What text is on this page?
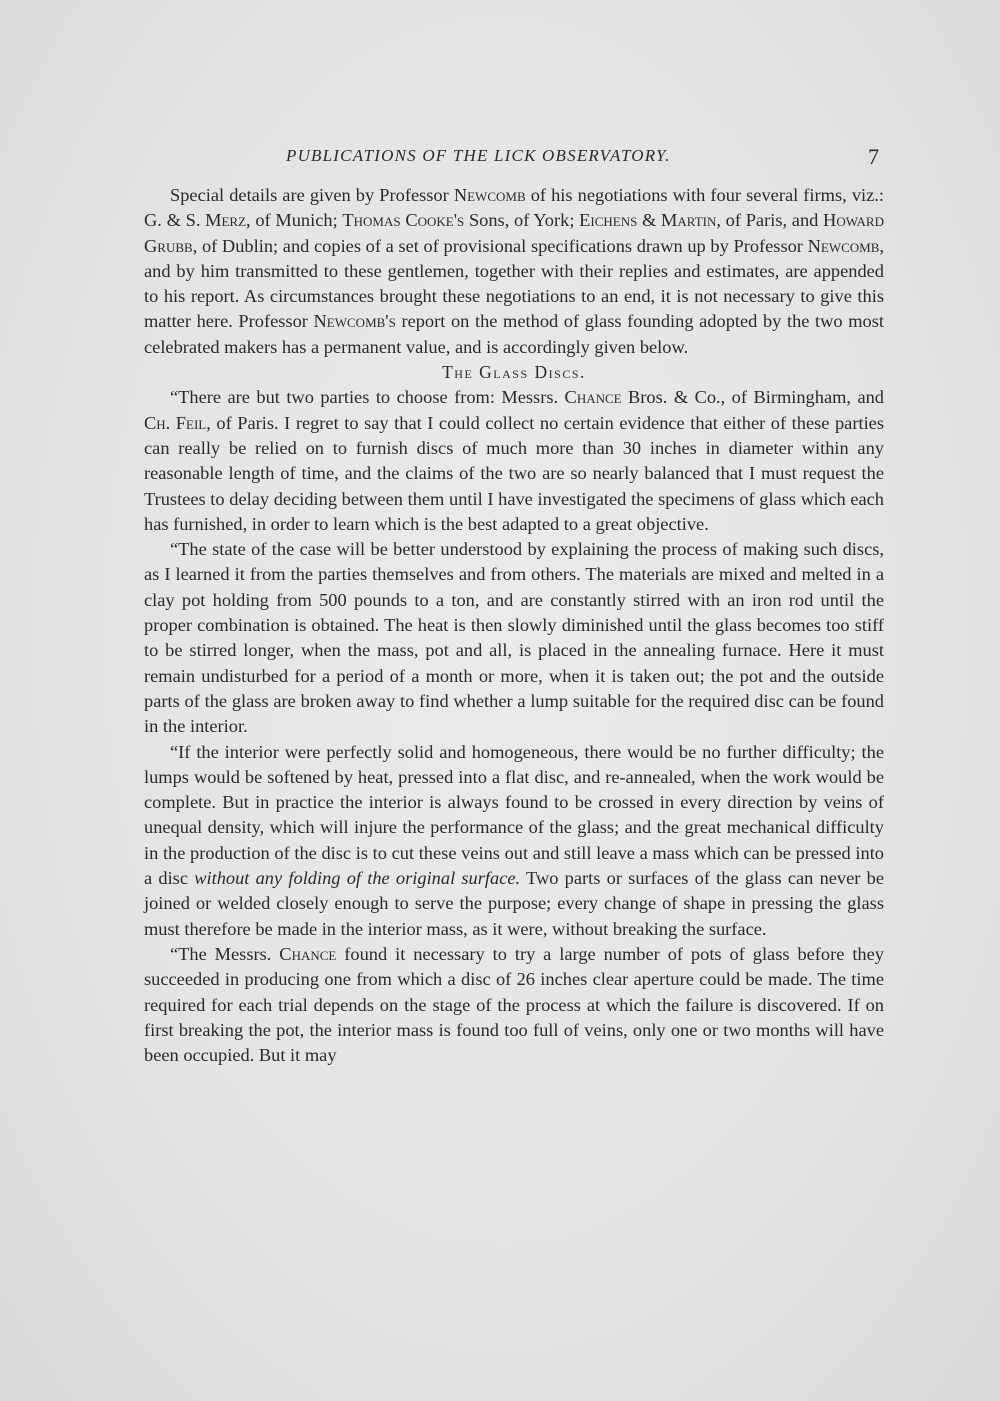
PUBLICATIONS OF THE LICK OBSERVATORY.	7

Special details are given by Professor Newcomb of his negotiations with four several firms, viz.: G. & S. Merz, of Munich; Thomas Cooke's Sons, of York; Eichens & Martin, of Paris, and Howard Grubb, of Dublin; and copies of a set of provisional specifications drawn up by Professor Newcomb, and by him transmitted to these gentlemen, together with their replies and estimates, are appended to his report. As circumstances brought these negotiations to an end, it is not necessary to give this matter here. Professor Newcomb's report on the method of glass founding adopted by the two most celebrated makers has a permanent value, and is accordingly given below.

The Glass Discs.

“There are but two parties to choose from: Messrs. Chance Bros. & Co., of Birmingham, and Ch. Feil, of Paris. I regret to say that I could collect no certain evidence that either of these parties can really be relied on to furnish discs of much more than 30 inches in diameter within any reasonable length of time, and the claims of the two are so nearly balanced that I must request the Trustees to delay deciding between them until I have investigated the specimens of glass which each has furnished, in order to learn which is the best adapted to a great objective.

“The state of the case will be better understood by explaining the process of making such discs, as I learned it from the parties themselves and from others. The materials are mixed and melted in a clay pot holding from 500 pounds to a ton, and are constantly stirred with an iron rod until the proper combination is obtained. The heat is then slowly diminished until the glass becomes too stiff to be stirred longer, when the mass, pot and all, is placed in the annealing furnace. Here it must remain undisturbed for a period of a month or more, when it is taken out; the pot and the outside parts of the glass are broken away to find whether a lump suitable for the required disc can be found in the interior.

“If the interior were perfectly solid and homogeneous, there would be no further difficulty; the lumps would be softened by heat, pressed into a flat disc, and re-annealed, when the work would be complete. But in practice the interior is always found to be crossed in every direction by veins of unequal density, which will injure the performance of the glass; and the great mechanical difficulty in the production of the disc is to cut these veins out and still leave a mass which can be pressed into a disc without any folding of the original surface. Two parts or surfaces of the glass can never be joined or welded closely enough to serve the purpose; every change of shape in pressing the glass must therefore be made in the interior mass, as it were, without breaking the surface.

“The Messrs. Chance found it necessary to try a large number of pots of glass before they succeeded in producing one from which a disc of 26 inches clear aperture could be made. The time required for each trial depends on the stage of the process at which the failure is discovered. If on first breaking the pot, the interior mass is found too full of veins, only one or two months will have been occupied. But it may
